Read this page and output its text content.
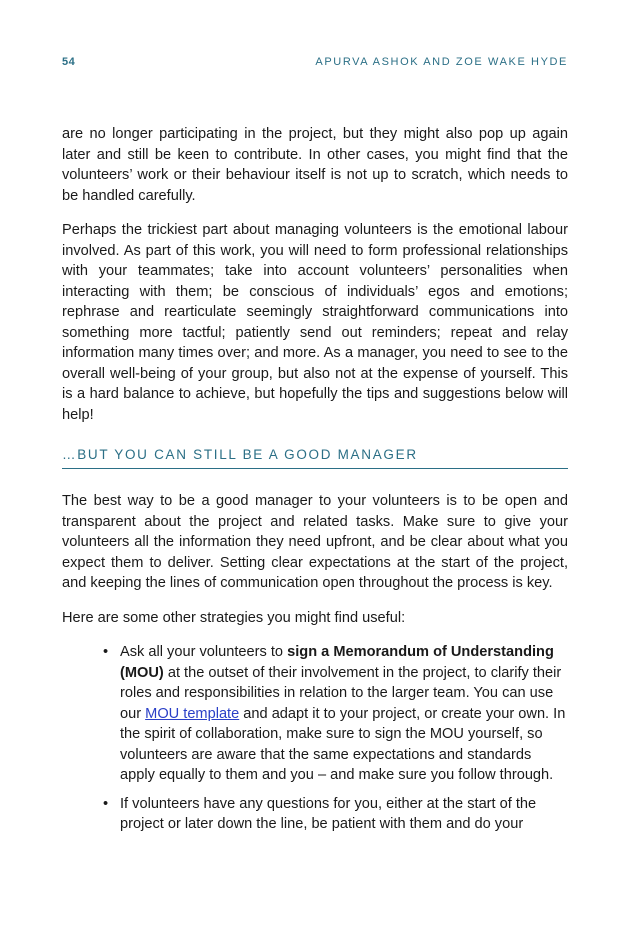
54	APURVA ASHOK AND ZOE WAKE HYDE

are no longer participating in the project, but they might also pop up again later and still be keen to contribute. In other cases, you might find that the volunteers’ work or their behaviour itself is not up to scratch, which needs to be handled carefully.

Perhaps the trickiest part about managing volunteers is the emotional labour involved. As part of this work, you will need to form professional relationships with your teammates; take into account volunteers’ personalities when interacting with them; be conscious of individuals’ egos and emotions; rephrase and rearticulate seemingly straightforward communications into something more tactful; patiently send out reminders; repeat and relay information many times over; and more. As a manager, you need to see to the overall well-being of your group, but also not at the expense of yourself. This is a hard balance to achieve, but hopefully the tips and suggestions below will help!

…BUT YOU CAN STILL BE A GOOD MANAGER

The best way to be a good manager to your volunteers is to be open and transparent about the project and related tasks. Make sure to give your volunteers all the information they need upfront, and be clear about what you expect them to deliver. Setting clear expectations at the start of the project, and keeping the lines of communication open throughout the process is key.

Here are some other strategies you might find useful:

• Ask all your volunteers to sign a Memorandum of Understanding (MOU) at the outset of their involvement in the project, to clarify their roles and responsibilities in relation to the larger team. You can use our MOU template and adapt it to your project, or create your own. In the spirit of collaboration, make sure to sign the MOU yourself, so volunteers are aware that the same expectations and standards apply equally to them and you – and make sure you follow through.
• If volunteers have any questions for you, either at the start of the project or later down the line, be patient with them and do your
